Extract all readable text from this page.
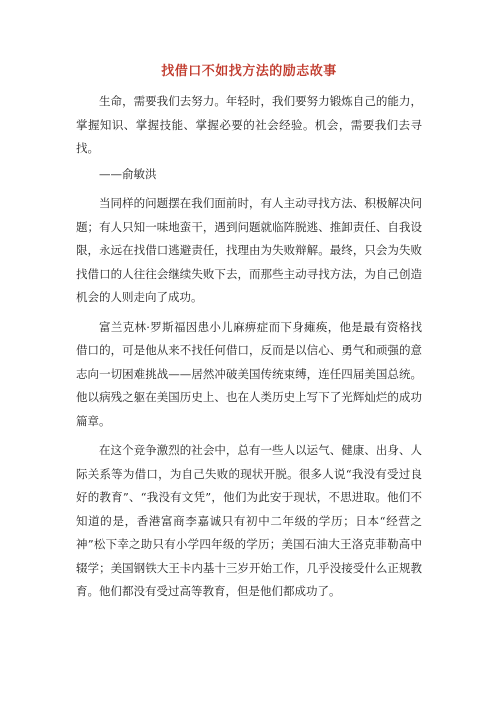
找借口不如找方法的励志故事

生命，需要我们去努力。年轻时，我们要努力锻炼自己的能力，掌握知识、掌握技能、掌握必要的社会经验。机会，需要我们去寻找。

——俞敏洪

当同样的问题摆在我们面前时，有人主动寻找方法、积极解决问题；有人只知一味地蛮干，遇到问题就临阵脱逃、推卸责任、自我设限，永远在找借口逃避责任，找理由为失败辩解。最终，只会为失败找借口的人往往会继续失败下去，而那些主动寻找方法，为自己创造机会的人则走向了成功。

富兰克林·罗斯福因患小儿麻痹症而下身瘫痪，他是最有资格找借口的，可是他从来不找任何借口，反而是以信心、勇气和顽强的意志向一切困难挑战——居然冲破美国传统束缚，连任四届美国总统。他以病残之躯在美国历史上、也在人类历史上写下了光辉灿烂的成功篇章。

在这个竞争激烈的社会中，总有一些人以运气、健康、出身、人际关系等为借口，为自己失败的现状开脱。很多人说“我没有受过良好的教育”、“我没有文凭”，他们为此安于现状，不思进取。他们不知道的是，香港富商李嘉诚只有初中二年级的学历；日本“经营之神”松下幸之助只有小学四年级的学历；美国石油大王洛克菲勒高中辍学；美国钢铁大王卡内基十三岁开始工作，几乎没接受什么正规教育。他们都没有受过高等教育，但是他们都成功了。
